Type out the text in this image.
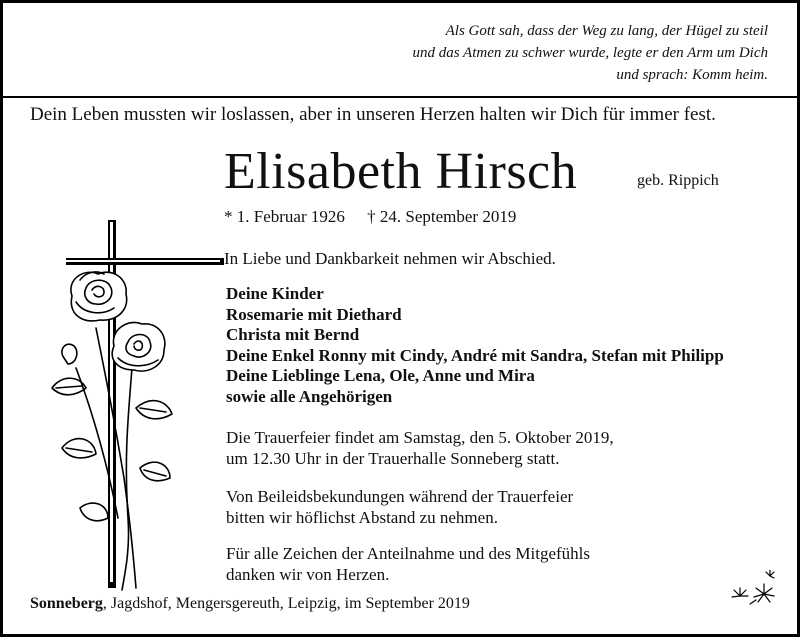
Als Gott sah, dass der Weg zu lang, der Hügel zu steil
und das Atmen zu schwer wurde, legte er den Arm um Dich
und sprach: Komm heim.
Dein Leben mussten wir loslassen, aber in unseren Herzen halten wir Dich für immer fest.
Elisabeth Hirsch	geb. Rippich
* 1. Februar 1926 † 24. September 2019
In Liebe und Dankbarkeit nehmen wir Abschied.
Deine Kinder
Rosemarie mit Diethard
Christa mit Bernd
Deine Enkel Ronny mit Cindy, André mit Sandra, Stefan mit Philipp
Deine Lieblinge Lena, Ole, Anne und Mira
sowie alle Angehörigen
Die Trauerfeier findet am Samstag, den 5. Oktober 2019,
um 12.30 Uhr in der Trauerhalle Sonneberg statt.
Von Beileidsbekundungen während der Trauerfeier
bitten wir höflichst Abstand zu nehmen.
Für alle Zeichen der Anteilnahme und des Mitgefühls
danken wir von Herzen.
Sonneberg, Jagdshof, Mengersgereuth, Leipzig, im September 2019
